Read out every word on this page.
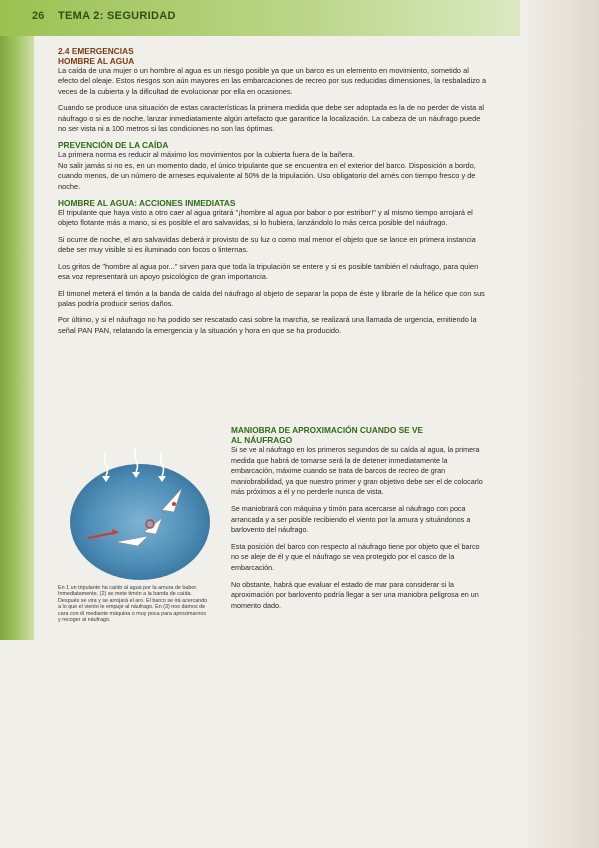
26 TEMA 2: SEGURIDAD
2.4 EMERGENCIAS
HOMBRE AL AGUA

La caída de una mujer o un hombre al agua es un riesgo posible ya que un barco es un elemento en movimiento, sometido al efecto del oleaje. Estos riesgos son aún mayores en las embarcaciones de recreo por sus reducidas dimensiones, la resbaladizo a veces de la cubierta y la dificultad de evolucionar por ella en ocasiones.

Cuando se produce una situación de estas características la primera medida que debe ser adoptada es la de no perder de vista al náufrago o si es de noche, lanzar inmediatamente algún artefacto que garantice la localización. La cabeza de un náufrago puede no ser vista ni a 100 metros si las condiciones no son las óptimas.

PREVENCIÓN DE LA CAÍDA

La primera norma es reducir al máximo los movimientos por la cubierta fuera de la bañera.

No salir jamás si no es, en un momento dado, el único tripulante que se encuentra en el exterior del barco. Disposición a bordo, cuando menos, de un número de arneses equivalente al 50% de la tripulación. Uso obligatorio del arnés con tiempo fresco y de noche.

HOMBRE AL AGUA: ACCIONES INMEDIATAS

El tripulante que haya visto a otro caer al agua gritará "¡hombre al agua por babor o por estribor!" y al mismo tiempo arrojará el objeto flotante más a mano, si es posible el aro salvavidas, si lo hubiera, lanzándolo lo más cerca posible del náufrago.

Si ocurre de noche, el aro salvavidas deberá ir provisto de su luz o como mal menor el objeto que se lance en primera instancia debe ser muy visible si es iluminado con focos o linternas.

Los gritos de "hombre al agua por..." sirven para que toda la tripulación se entere y si es posible también el náufrago, para quien esa voz representará un apoyo psicológico de gran importancia.

El timonel meterá el timón a la banda de caída del náufrago al objeto de separar la popa de éste y librarle de la hélice que con sus palas podría producir serios daños.

Por último, y si el náufrago no ha podido ser rescatado casi sobre la marcha, se realizará una llamada de urgencia, emitiendo la señal PAN PAN, relatando la emergencia y la situación y hora en que se ha producido.

MANIOBRA DE APROXIMACIÓN CUANDO SE VE
AL NÁUFRAGO

Si se ve al náufrago en los primeros segundos de su caída al agua, la primera medida que habrá de tomarse será la de detener inmediatamente la embarcación, máxime cuando se trata de barcos de recreo de gran maniobrabilidad, ya que nuestro primer y gran objetivo debe ser el de colocarlo más próximos a él y no perderle nunca de vista.

Se maniobrará con máquina y timón para acercarse al náufrago con poca arrancada y a ser posible recibiendo el viento por la amura y situándonos a barlovento del náufrago.

Esta posición del barco con respecto al náufrago tiene por objeto que el barco no se aleje de él y que el náufrago se vea protegido por el casco de la embarcación.

No obstante, habrá que evaluar el estado de mar para considerar si la aproximación por barlovento podría llegar a ser una maniobra peligrosa en un momento dado.

En 1 un tripulante ha caído al agua por la amura de babor. Inmediatamente, (2) se mete timón a la banda de caída. Después se vira y se arrojará el aro. El barco se irá acercando a lo que el viento le empuje al náufrago. En (3) nos damos de cara con él mediante máquina o muy poca para aproximarnos y recoger al náufrago.
